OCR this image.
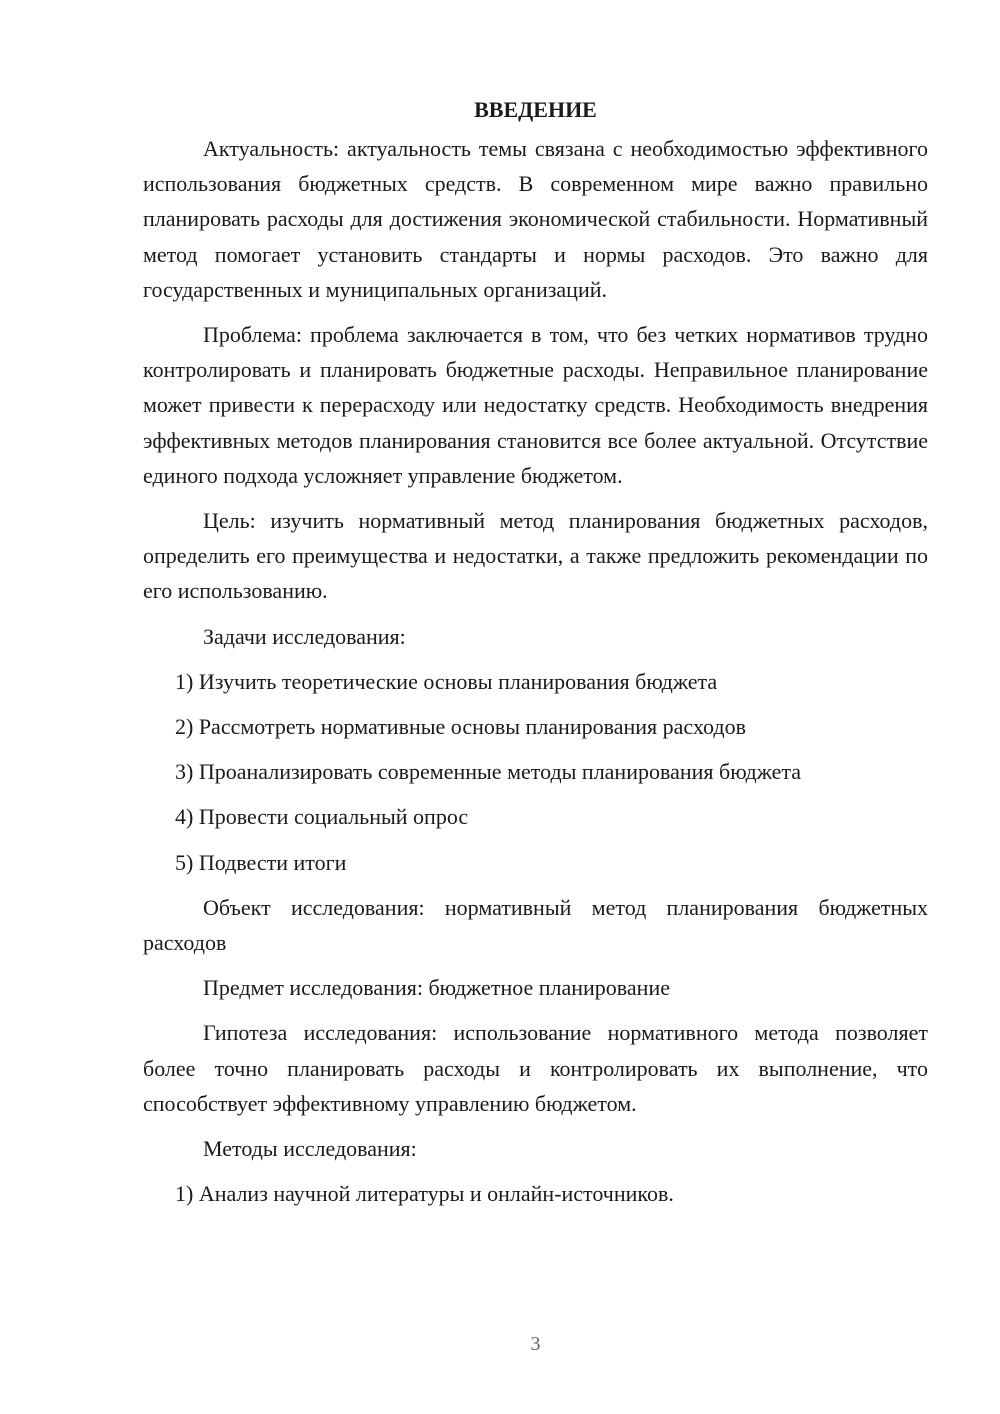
ВВЕДЕНИЕ

Актуальность: актуальность темы связана с необходимостью эффективного использования бюджетных средств. В современном мире важно правильно планировать расходы для достижения экономической стабильности. Нормативный метод помогает установить стандарты и нормы расходов. Это важно для государственных и муниципальных организаций.

Проблема: проблема заключается в том, что без четких нормативов трудно контролировать и планировать бюджетные расходы. Неправильное планирование может привести к перерасходу или недостатку средств. Необходимость внедрения эффективных методов планирования становится все более актуальной. Отсутствие единого подхода усложняет управление бюджетом.

Цель: изучить нормативный метод планирования бюджетных расходов, определить его преимущества и недостатки, а также предложить рекомендации по его использованию.

Задачи исследования:

1) Изучить теоретические основы планирования бюджета
2) Рассмотреть нормативные основы планирования расходов
3) Проанализировать современные методы планирования бюджета
4) Провести социальный опрос
5) Подвести итоги

Объект исследования: нормативный метод планирования бюджетных расходов

Предмет исследования: бюджетное планирование

Гипотеза исследования: использование нормативного метода позволяет более точно планировать расходы и контролировать их выполнение, что способствует эффективному управлению бюджетом.

Методы исследования:

1) Анализ научной литературы и онлайн-источников.
3
